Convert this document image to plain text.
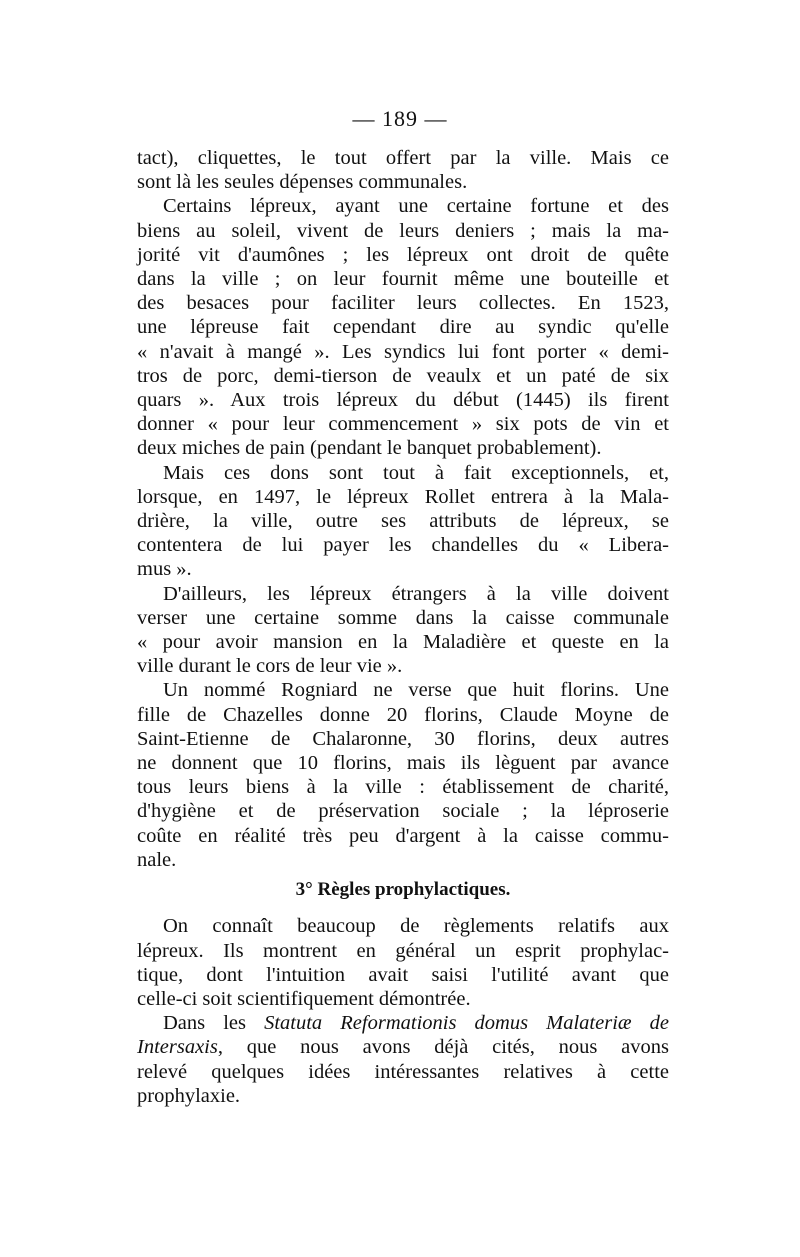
— 189 —
tact), cliquettes, le tout offert par la ville. Mais ce
sont là les seules dépenses communales.
Certains lépreux, ayant une certaine fortune et des
biens au soleil, vivent de leurs deniers ; mais la ma-
jorité vit d'aumônes ; les lépreux ont droit de quête
dans la ville ; on leur fournit même une bouteille et
des besaces pour faciliter leurs collectes. En 1523,
une lépreuse fait cependant dire au syndic qu'elle
« n'avait à mangé ». Les syndics lui font porter « demi-
tros de porc, demi-tierson de veaulx et un paté de six
quars ». Aux trois lépreux du début (1445) ils firent
donner « pour leur commencement » six pots de vin et
deux miches de pain (pendant le banquet probablement).
Mais ces dons sont tout à fait exceptionnels, et,
lorsque, en 1497, le lépreux Rollet entrera à la Mala-
drière, la ville, outre ses attributs de lépreux, se
contentera de lui payer les chandelles du « Libera-
mus ».
D'ailleurs, les lépreux étrangers à la ville doivent
verser une certaine somme dans la caisse communale
« pour avoir mansion en la Maladière et queste en la
ville durant le cors de leur vie ».
Un nommé Rogniard ne verse que huit florins. Une
fille de Chazelles donne 20 florins, Claude Moyne de
Saint-Etienne de Chalaronne, 30 florins, deux autres
ne donnent que 10 florins, mais ils lèguent par avance
tous leurs biens à la ville : établissement de charité,
d'hygiène et de préservation sociale ; la léproserie
coûte en réalité très peu d'argent à la caisse commu-
nale.
3° Règles prophylactiques.
On connaît beaucoup de règlements relatifs aux
lépreux. Ils montrent en général un esprit prophylac-
tique, dont l'intuition avait saisi l'utilité avant que
celle-ci soit scientifiquement démontrée.
Dans les Statuta Reformationis domus Malateriæ de
Intersaxis, que nous avons déjà cités, nous avons
relevé quelques idées intéressantes relatives à cette
prophylaxie.
